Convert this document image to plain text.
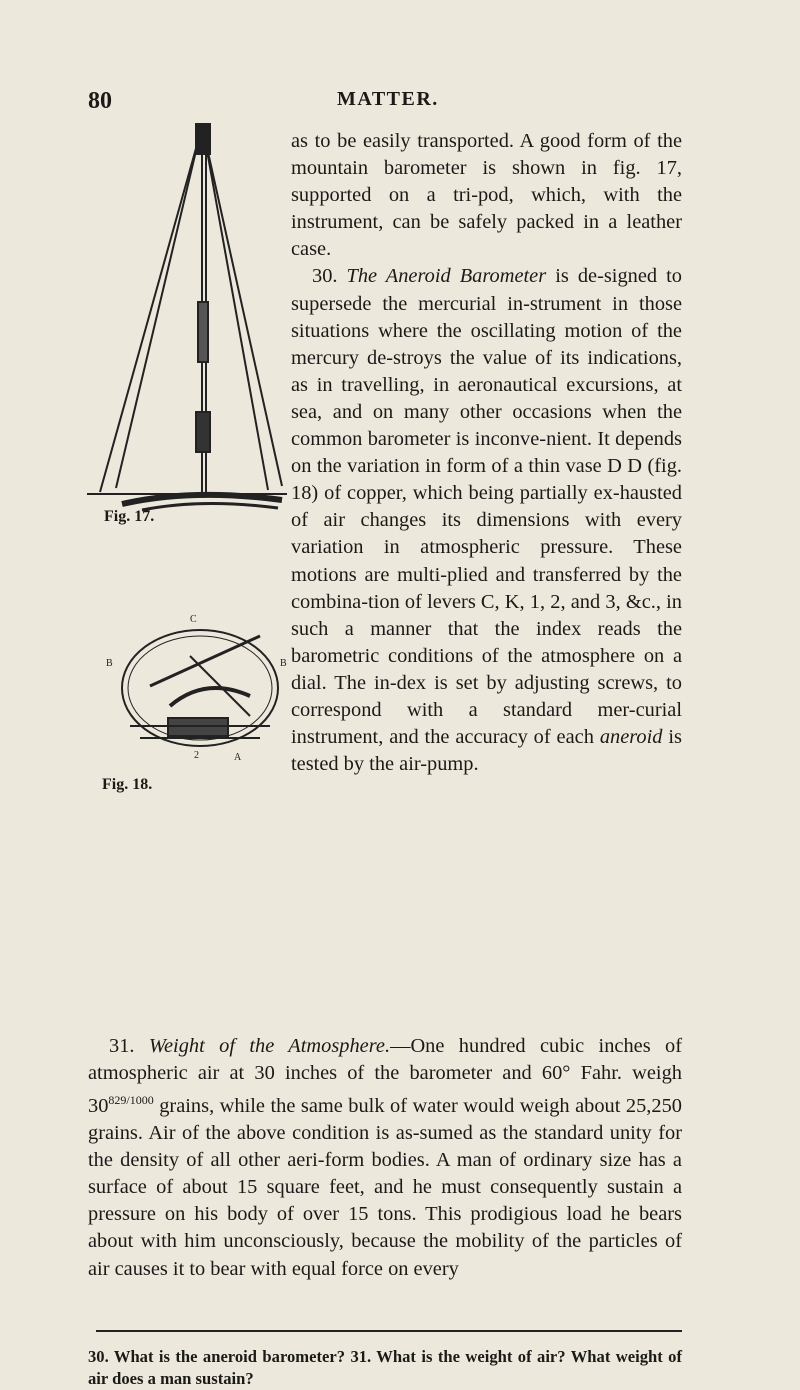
80	MATTER.
Fig. 17.
C
B	B
2	A
Fig. 18.

as to be easily transported. A good form of the mountain barometer is shown in fig. 17, supported on a tri-pod, which, with the instrument, can be safely packed in a leather case.

30. The Aneroid Barometer is de-signed to supersede the mercurial in-strument in those situations where the oscillating motion of the mercury de-stroys the value of its indications, as in travelling, in aeronautical excursions, at sea, and on many other occasions when the common barometer is inconve-nient. It depends on the variation in form of a thin vase D D (fig. 18) of copper, which being partially ex-hausted of air changes its dimensions with every variation in atmospheric pressure. These motions are multi-plied and transferred by the combina-tion of levers C, K, 1, 2, and 3, &c., in such a manner that the index reads the barometric conditions of the atmosphere on a dial. The in-dex is set by adjusting screws, to correspond with a standard mer-curial instrument, and the accuracy of each aneroid is tested by the air-pump.

31. Weight of the Atmosphere.—One hundred cubic inches of atmospheric air at 30 inches of the barometer and 60° Fahr. weigh $30^{829/1000}$ grains, while the same bulk of water would weigh about 25,250 grains. Air of the above condition is as-sumed as the standard unity for the density of all other aeri-form bodies. A man of ordinary size has a surface of about 15 square feet, and he must consequently sustain a pressure on his body of over 15 tons. This prodigious load he bears about with him unconsciously, because the mobility of the particles of air causes it to bear with equal force on every

30. What is the aneroid barometer? 31. What is the weight of air? What weight of air does a man sustain?
